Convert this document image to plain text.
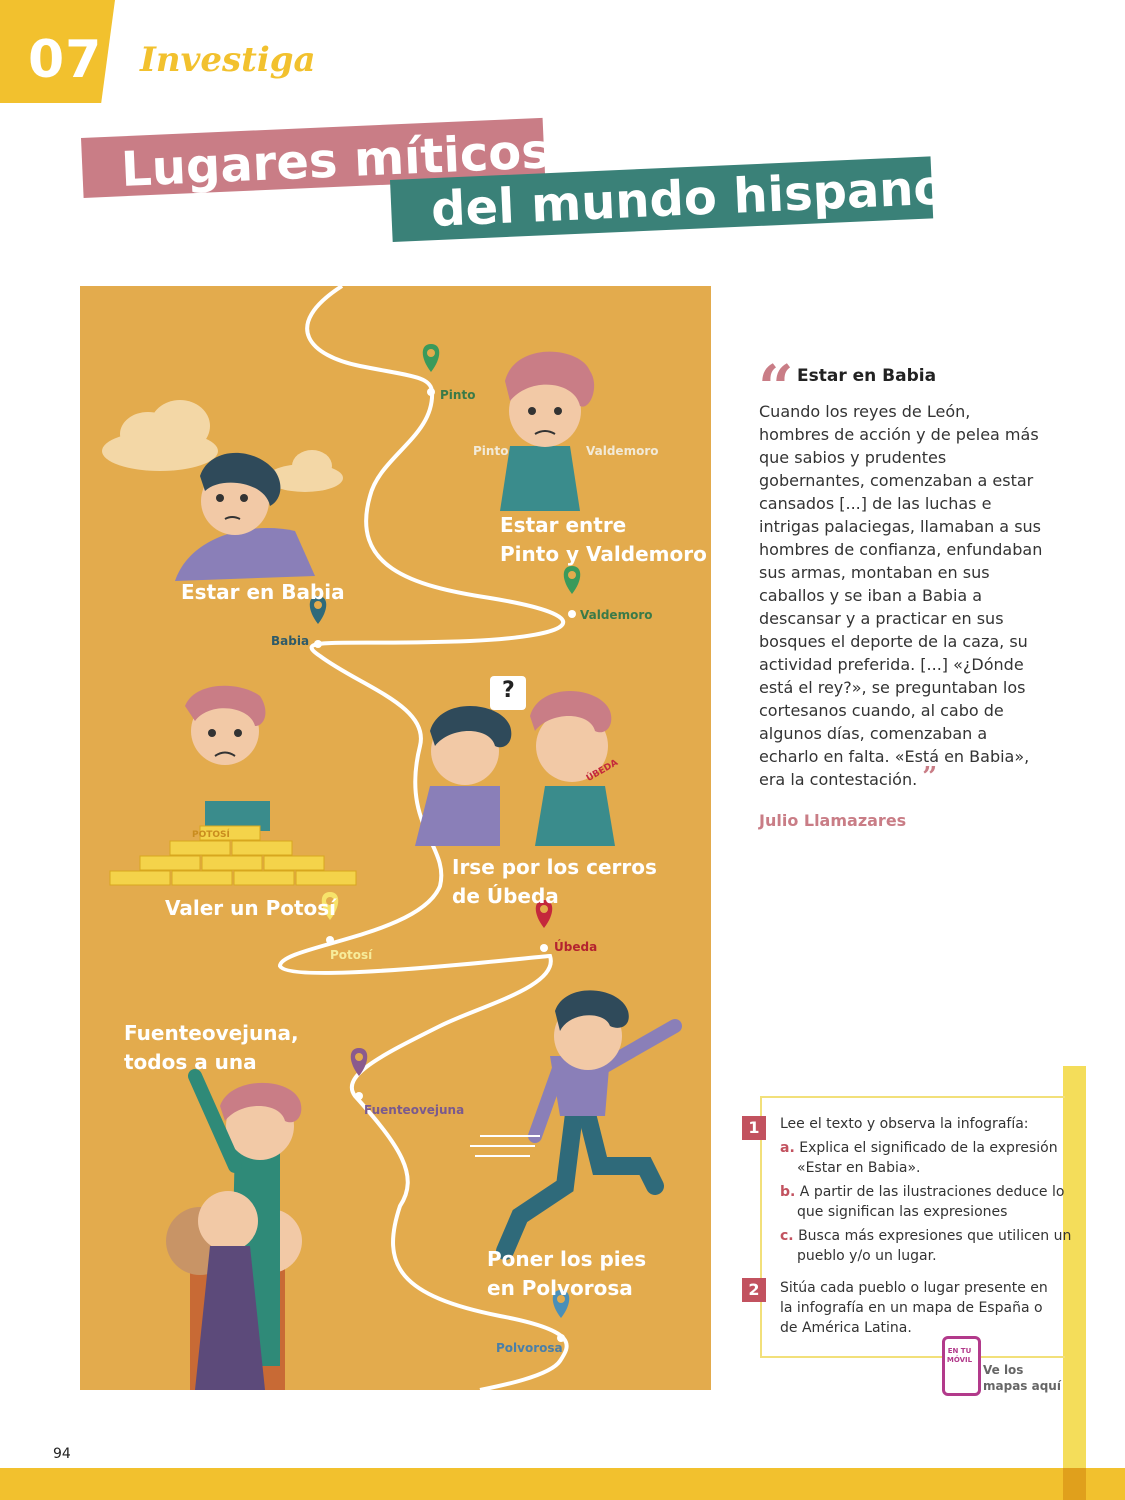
07 Investiga
Lugares míticos
del mundo hispano
Pinto	Valdemoro
?
POTOSÍ
ÚBEDA
Estar en Babia
Estar entre
Pinto y Valdemoro
Valer un Potosí
Irse por los cerros
de Úbeda
Fuenteovejuna,
todos a una
Poner los pies
en Polvorosa
Pinto
Valdemoro
Babia
Potosí
Úbeda
Fuenteovejuna
Polvorosa
“ Estar en Babia
Cuando los reyes de León, hombres de acción y de pelea más que sabios y prudentes gobernantes, comenzaban a estar cansados [...] de las luchas e intrigas palaciegas, llamaban a sus hombres de confianza, enfundaban sus armas, montaban en sus caballos y se iban a Babia a descansar y a practicar en sus bosques el deporte de la caza, su actividad preferida. [...] «¿Dónde está el rey?», se preguntaban los cortesanos cuando, al cabo de algunos días, comenzaban a echarlo en falta. «Está en Babia», era la contestación. ”
Julio Llamazares
1	Lee el texto y observa la infografía:
a. Explica el significado de la expresión «Estar en Babia».
b. A partir de las ilustraciones deduce lo que significan las expresiones
c. Busca más expresiones que utilicen un pueblo y/o un lugar.
2	Sitúa cada pueblo o lugar presente en la infografía en un mapa de España o de América Latina.
EN TU MÓVIL
Ve los
mapas aquí
94
